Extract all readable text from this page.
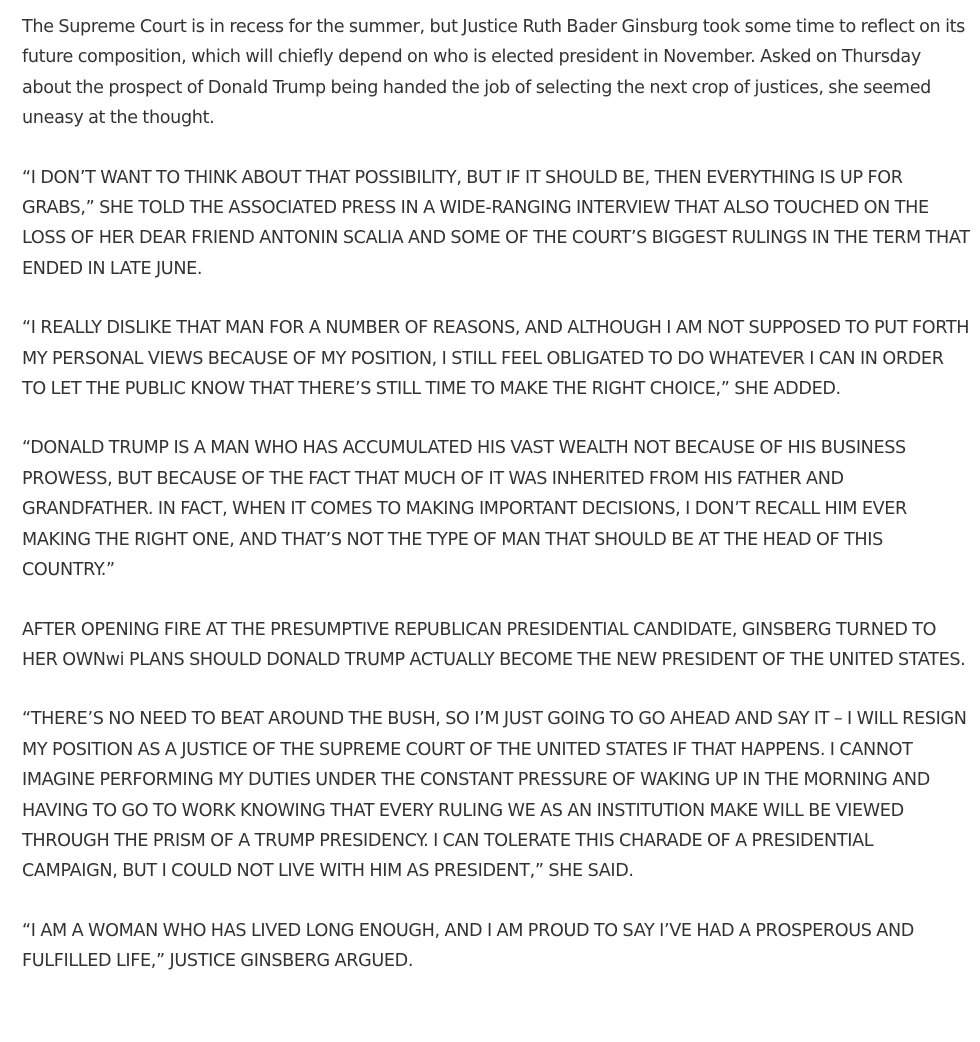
The Supreme Court is in recess for the summer, but Justice Ruth Bader Ginsburg took some time to reflect on its future composition, which will chiefly depend on who is elected president in November. Asked on Thursday about the prospect of Donald Trump being handed the job of selecting the next crop of justices, she seemed uneasy at the thought.

“I DON’T WANT TO THINK ABOUT THAT POSSIBILITY, BUT IF IT SHOULD BE, THEN EVERYTHING IS UP FOR GRABS,” SHE TOLD THE ASSOCIATED PRESS IN A WIDE-RANGING INTERVIEW THAT ALSO TOUCHED ON THE LOSS OF HER DEAR FRIEND ANTONIN SCALIA AND SOME OF THE COURT’S BIGGEST RULINGS IN THE TERM THAT ENDED IN LATE JUNE.

“I REALLY DISLIKE THAT MAN FOR A NUMBER OF REASONS, AND ALTHOUGH I AM NOT SUPPOSED TO PUT FORTH MY PERSONAL VIEWS BECAUSE OF MY POSITION, I STILL FEEL OBLIGATED TO DO WHATEVER I CAN IN ORDER TO LET THE PUBLIC KNOW THAT THERE’S STILL TIME TO MAKE THE RIGHT CHOICE,” SHE ADDED.

“DONALD TRUMP IS A MAN WHO HAS ACCUMULATED HIS VAST WEALTH NOT BECAUSE OF HIS BUSINESS PROWESS, BUT BECAUSE OF THE FACT THAT MUCH OF IT WAS INHERITED FROM HIS FATHER AND GRANDFATHER. IN FACT, WHEN IT COMES TO MAKING IMPORTANT DECISIONS, I DON’T RECALL HIM EVER MAKING THE RIGHT ONE, AND THAT’S NOT THE TYPE OF MAN THAT SHOULD BE AT THE HEAD OF THIS COUNTRY.”

AFTER OPENING FIRE AT THE PRESUMPTIVE REPUBLICAN PRESIDENTIAL CANDIDATE, GINSBERG TURNED TO HER OWNwi PLANS SHOULD DONALD TRUMP ACTUALLY BECOME THE NEW PRESIDENT OF THE UNITED STATES.

“THERE’S NO NEED TO BEAT AROUND THE BUSH, SO I’M JUST GOING TO GO AHEAD AND SAY IT – I WILL RESIGN MY POSITION AS A JUSTICE OF THE SUPREME COURT OF THE UNITED STATES IF THAT HAPPENS. I CANNOT IMAGINE PERFORMING MY DUTIES UNDER THE CONSTANT PRESSURE OF WAKING UP IN THE MORNING AND HAVING TO GO TO WORK KNOWING THAT EVERY RULING WE AS AN INSTITUTION MAKE WILL BE VIEWED THROUGH THE PRISM OF A TRUMP PRESIDENCY. I CAN TOLERATE THIS CHARADE OF A PRESIDENTIAL CAMPAIGN, BUT I COULD NOT LIVE WITH HIM AS PRESIDENT,” SHE SAID.

“I AM A WOMAN WHO HAS LIVED LONG ENOUGH, AND I AM PROUD TO SAY I’VE HAD A PROSPEROUS AND FULFILLED LIFE,” JUSTICE GINSBERG ARGUED.
